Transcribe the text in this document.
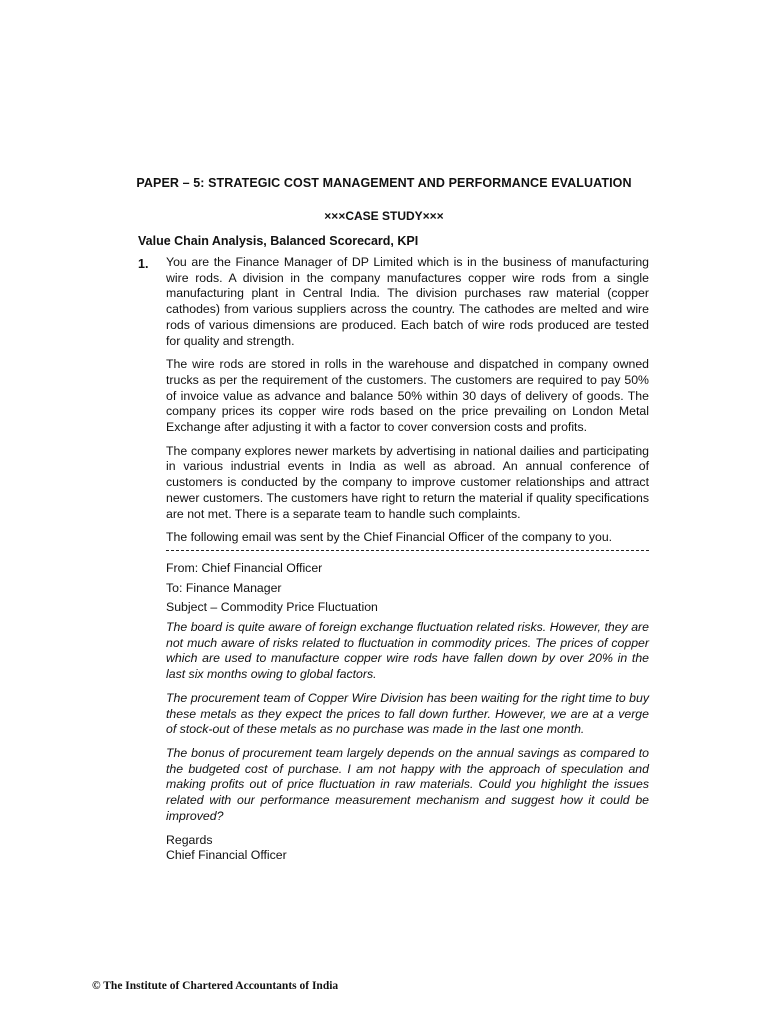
PAPER – 5: STRATEGIC COST MANAGEMENT AND PERFORMANCE EVALUATION
×××CASE STUDY×××
Value Chain Analysis, Balanced Scorecard, KPI
1. You are the Finance Manager of DP Limited which is in the business of manufacturing wire rods. A division in the company manufactures copper wire rods from a single manufacturing plant in Central India. The division purchases raw material (copper cathodes) from various suppliers across the country. The cathodes are melted and wire rods of various dimensions are produced. Each batch of wire rods produced are tested for quality and strength.

The wire rods are stored in rolls in the warehouse and dispatched in company owned trucks as per the requirement of the customers. The customers are required to pay 50% of invoice value as advance and balance 50% within 30 days of delivery of goods. The company prices its copper wire rods based on the price prevailing on London Metal Exchange after adjusting it with a factor to cover conversion costs and profits.

The company explores newer markets by advertising in national dailies and participating in various industrial events in India as well as abroad. An annual conference of customers is conducted by the company to improve customer relationships and attract newer customers. The customers have right to return the material if quality specifications are not met. There is a separate team to handle such complaints.

The following email was sent by the Chief Financial Officer of the company to you.

From: Chief Financial Officer
To: Finance Manager
Subject – Commodity Price Fluctuation

The board is quite aware of foreign exchange fluctuation related risks. However, they are not much aware of risks related to fluctuation in commodity prices. The prices of copper which are used to manufacture copper wire rods have fallen down by over 20% in the last six months owing to global factors.

The procurement team of Copper Wire Division has been waiting for the right time to buy these metals as they expect the prices to fall down further. However, we are at a verge of stock-out of these metals as no purchase was made in the last one month.

The bonus of procurement team largely depends on the annual savings as compared to the budgeted cost of purchase. I am not happy with the approach of speculation and making profits out of price fluctuation in raw materials. Could you highlight the issues related with our performance measurement mechanism and suggest how it could be improved?

Regards
Chief Financial Officer
© The Institute of Chartered Accountants of India
